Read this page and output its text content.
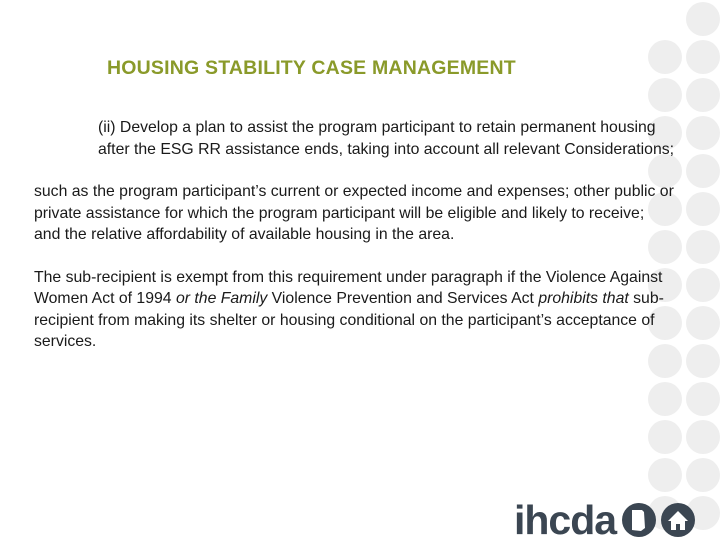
HOUSING STABILITY CASE MANAGEMENT

(ii) Develop a plan to assist the program participant to retain permanent housing after the ESG RR assistance ends, taking into account all relevant Considerations;

such as the program participant’s current or expected income and expenses; other public or private assistance for which the program participant will be eligible and likely to receive; and the relative affordability of available housing in the area.

The sub-recipient is exempt from this requirement under paragraph if the Violence Against Women Act of 1994 or the Family Violence Prevention and Services Act prohibits that sub-recipient from making its shelter or housing conditional on the participant’s acceptance of services.

ihcda
